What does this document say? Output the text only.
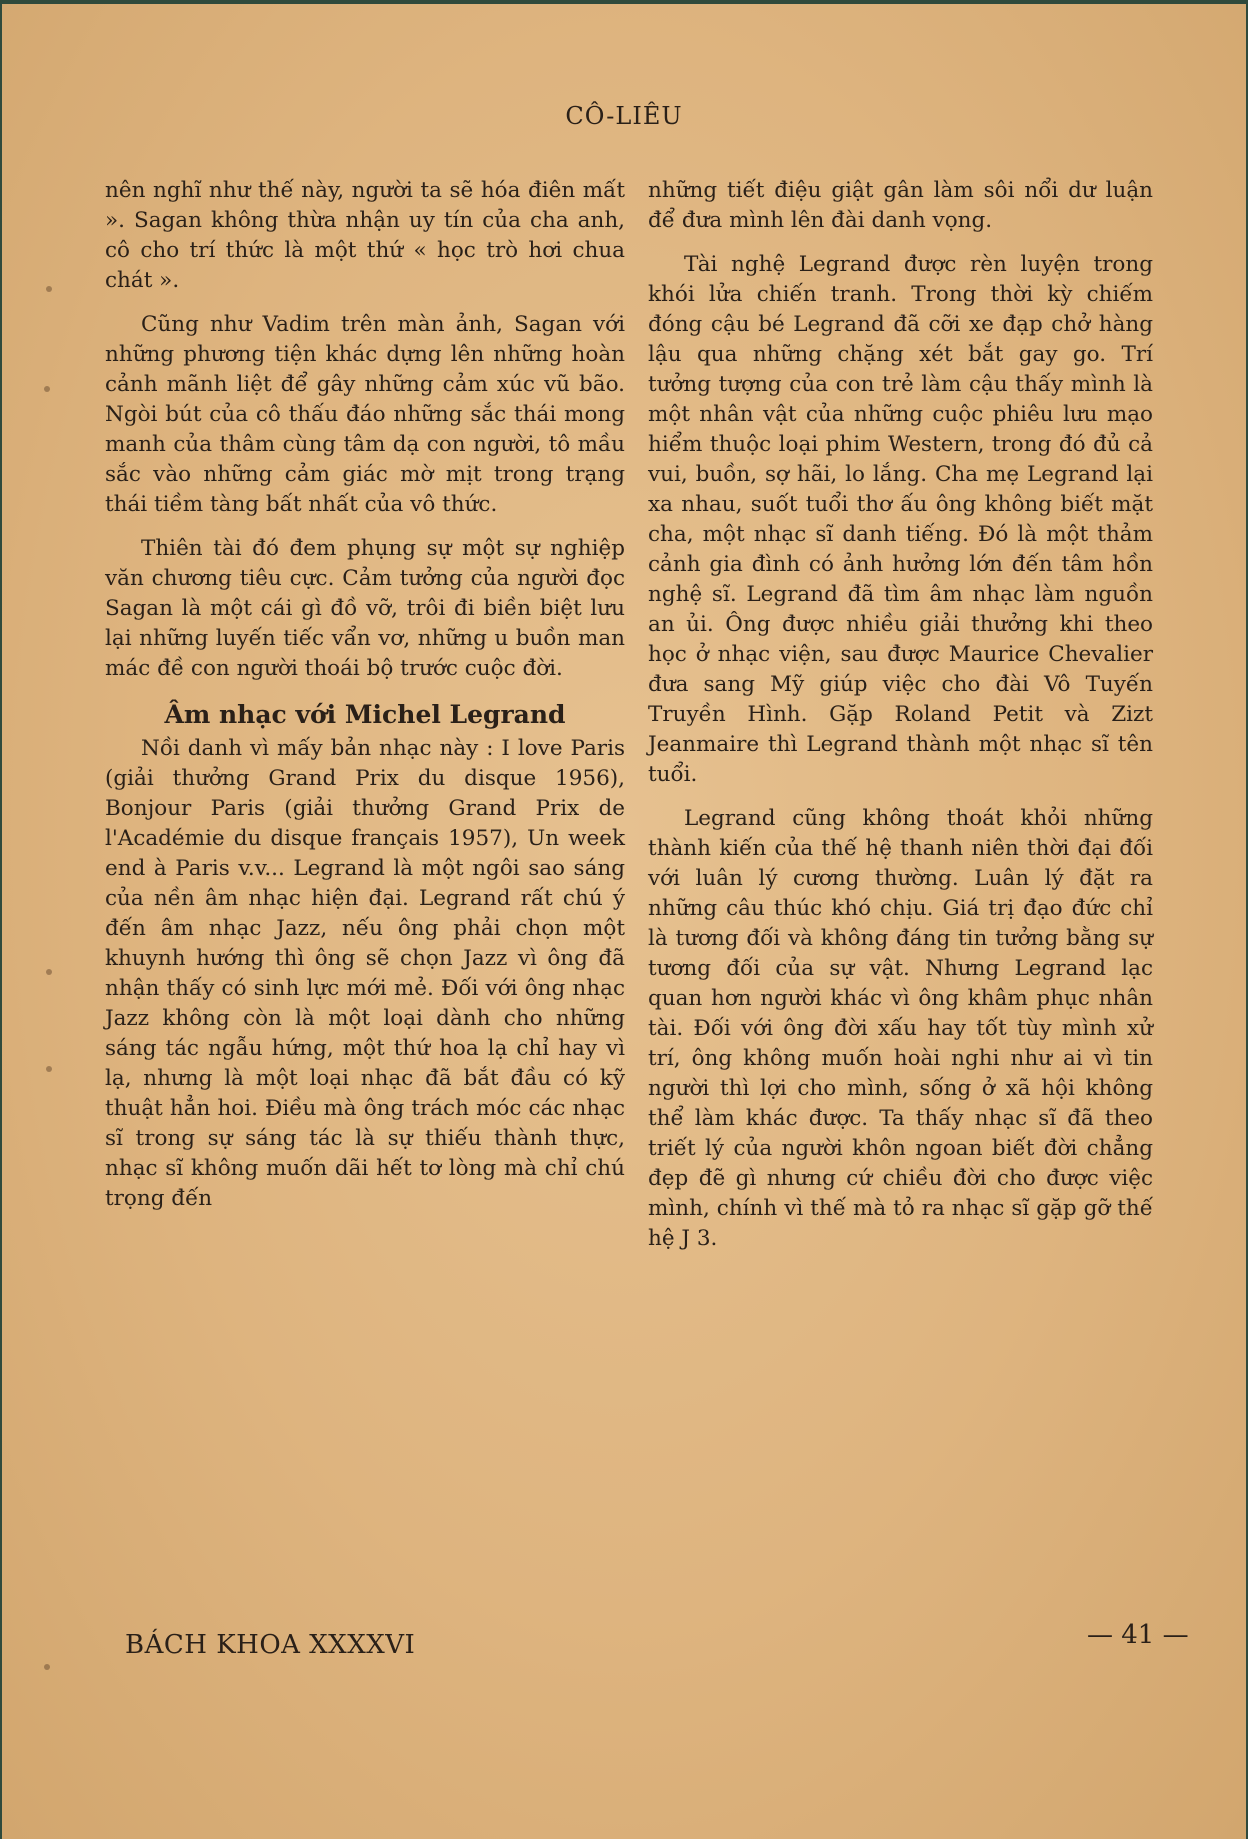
CÔ-LIÊU

nên nghĩ như thế này, người ta sẽ hóa điên mất ». Sagan không thừa nhận uy tín của cha anh, cô cho trí thức là một thứ « học trò hơi chua chát ».

Cũng như Vadim trên màn ảnh, Sagan với những phương tiện khác dựng lên những hoàn cảnh mãnh liệt để gây những cảm xúc vũ bão. Ngòi bút của cô thấu đáo những sắc thái mong manh của thâm cùng tâm dạ con người, tô mầu sắc vào những cảm giác mờ mịt trong trạng thái tiềm tàng bất nhất của vô thức.

Thiên tài đó đem phụng sự một sự nghiệp văn chương tiêu cực. Cảm tưởng của người đọc Sagan là một cái gì đồ vỡ, trôi đi biền biệt lưu lại những luyến tiếc vẩn vơ, những u buồn man mác đề con người thoái bộ trước cuộc đời.

Âm nhạc với Michel Legrand

Nồi danh vì mấy bản nhạc này : I love Paris (giải thưởng Grand Prix du disque 1956), Bonjour Paris (giải thưởng Grand Prix de l'Académie du disque français 1957), Un week end à Paris v.v... Legrand là một ngôi sao sáng của nền âm nhạc hiện đại. Legrand rất chú ý đến âm nhạc Jazz, nếu ông phải chọn một khuynh hướng thì ông sẽ chọn Jazz vì ông đã nhận thấy có sinh lực mới mẻ. Đối với ông nhạc Jazz không còn là một loại dành cho những sáng tác ngẫu hứng, một thứ hoa lạ chỉ hay vì lạ, nhưng là một loại nhạc đã bắt đầu có kỹ thuật hẳn hoi. Điều mà ông trách móc các nhạc sĩ trong sự sáng tác là sự thiếu thành thực, nhạc sĩ không muốn dãi hết tơ lòng mà chỉ chú trọng đến

những tiết điệu giật gân làm sôi nổi dư luận để đưa mình lên đài danh vọng.

Tài nghệ Legrand được rèn luyện trong khói lửa chiến tranh. Trong thời kỳ chiếm đóng cậu bé Legrand đã cỡi xe đạp chở hàng lậu qua những chặng xét bắt gay go. Trí tưởng tượng của con trẻ làm cậu thấy mình là một nhân vật của những cuộc phiêu lưu mạo hiểm thuộc loại phim Western, trong đó đủ cả vui, buồn, sợ hãi, lo lắng. Cha mẹ Legrand lại xa nhau, suốt tuổi thơ ấu ông không biết mặt cha, một nhạc sĩ danh tiếng. Đó là một thảm cảnh gia đình có ảnh hưởng lớn đến tâm hồn nghệ sĩ. Legrand đã tìm âm nhạc làm nguồn an ủi. Ông được nhiều giải thưởng khi theo học ở nhạc viện, sau được Maurice Chevalier đưa sang Mỹ giúp việc cho đài Vô Tuyến Truyền Hình. Gặp Roland Petit và Zizt Jeanmaire thì Legrand thành một nhạc sĩ tên tuổi.

Legrand cũng không thoát khỏi những thành kiến của thế hệ thanh niên thời đại đối với luân lý cương thường. Luân lý đặt ra những câu thúc khó chịu. Giá trị đạo đức chỉ là tương đối và không đáng tin tưởng bằng sự tương đối của sự vật. Nhưng Legrand lạc quan hơn người khác vì ông khâm phục nhân tài. Đối với ông đời xấu hay tốt tùy mình xử trí, ông không muốn hoài nghi như ai vì tin người thì lợi cho mình, sống ở xã hội không thể làm khác được. Ta thấy nhạc sĩ đã theo triết lý của người khôn ngoan biết đời chẳng đẹp đẽ gì nhưng cứ chiều đời cho được việc mình, chính vì thế mà tỏ ra nhạc sĩ gặp gỡ thế hệ J 3.

BÁCH KHOA XXXXVI	— 41 —
